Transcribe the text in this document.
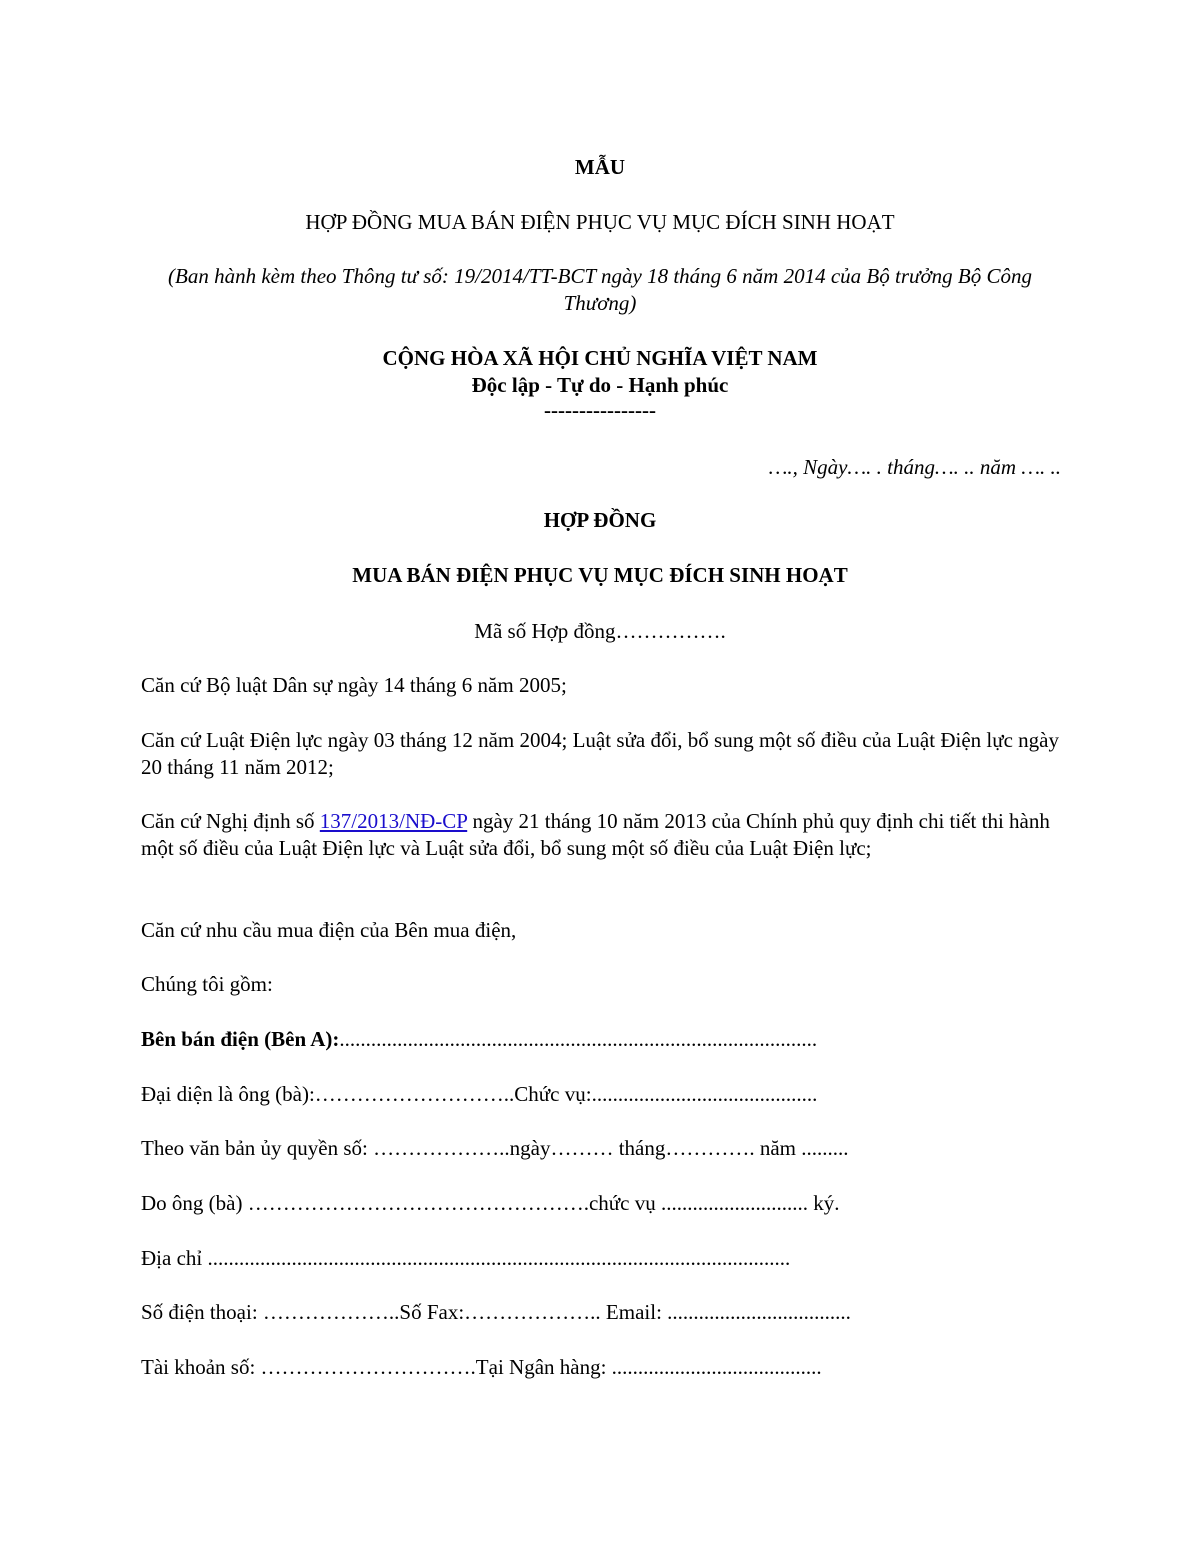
MẪU

HỢP ĐỒNG MUA BÁN ĐIỆN PHỤC VỤ MỤC ĐÍCH SINH HOẠT

(Ban hành kèm theo Thông tư số: 19/2014/TT-BCT ngày 18 tháng 6 năm 2014 của Bộ trưởng Bộ Công Thương)

CỘNG HÒA XÃ HỘI CHỦ NGHĨA VIỆT NAM

Độc lập - Tự do - Hạnh phúc

----------------

…., Ngày…. . tháng…. .. năm …. ..

HỢP ĐỒNG

MUA BÁN ĐIỆN PHỤC VỤ MỤC ĐÍCH SINH HOẠT

Mã số Hợp đồng…………….

Căn cứ Bộ luật Dân sự ngày 14 tháng 6 năm 2005;

Căn cứ Luật Điện lực ngày 03 tháng 12 năm 2004; Luật sửa đổi, bổ sung một số điều của Luật Điện lực ngày 20 tháng 11 năm 2012;

Căn cứ Nghị định số 137/2013/NĐ-CP ngày 21 tháng 10 năm 2013 của Chính phủ quy định chi tiết thi hành một số điều của Luật Điện lực và Luật sửa đổi, bổ sung một số điều của Luật Điện lực;

Căn cứ nhu cầu mua điện của Bên mua điện,

Chúng tôi gồm:

Bên bán điện (Bên A):...........................................................................................

Đại diện là ông (bà):………………………..Chức vụ:...........................................

Theo văn bản ủy quyền số: ………………..ngày……… tháng…………. năm .........

Do ông (bà) ………………………………………….chức vụ ............................ ký.

Địa chỉ ...............................................................................................................

Số điện thoại: ………………..Số Fax:……………….. Email: ...................................

Tài khoản số: ………………………….Tại Ngân hàng: ........................................
